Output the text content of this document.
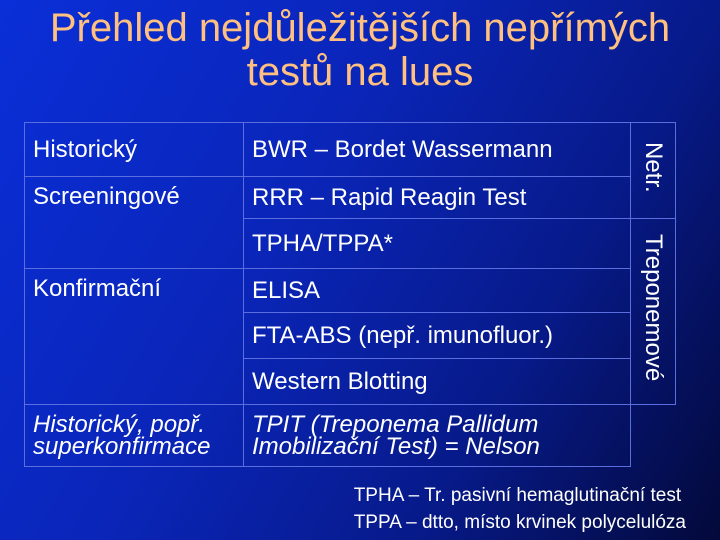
Přehled nejdůležitějších nepřímých
testů na lues
Historický	BWR – Bordet Wassermann	Netr.
Screeningové	RRR – Rapid Reagin Test	
	TPHA/TPPA*	Treponemové
Konfirmační	ELISA	
	FTA-ABS (nepř. imunofluor.)	
	Western Blotting	
Historický, popř. superkonfirmace	TPIT (Treponema Pallidum Imobilizační Test) = Nelson	
TPHA – Tr. pasivní hemaglutinační test
TPPA – dtto, místo krvinek polycelulóza
